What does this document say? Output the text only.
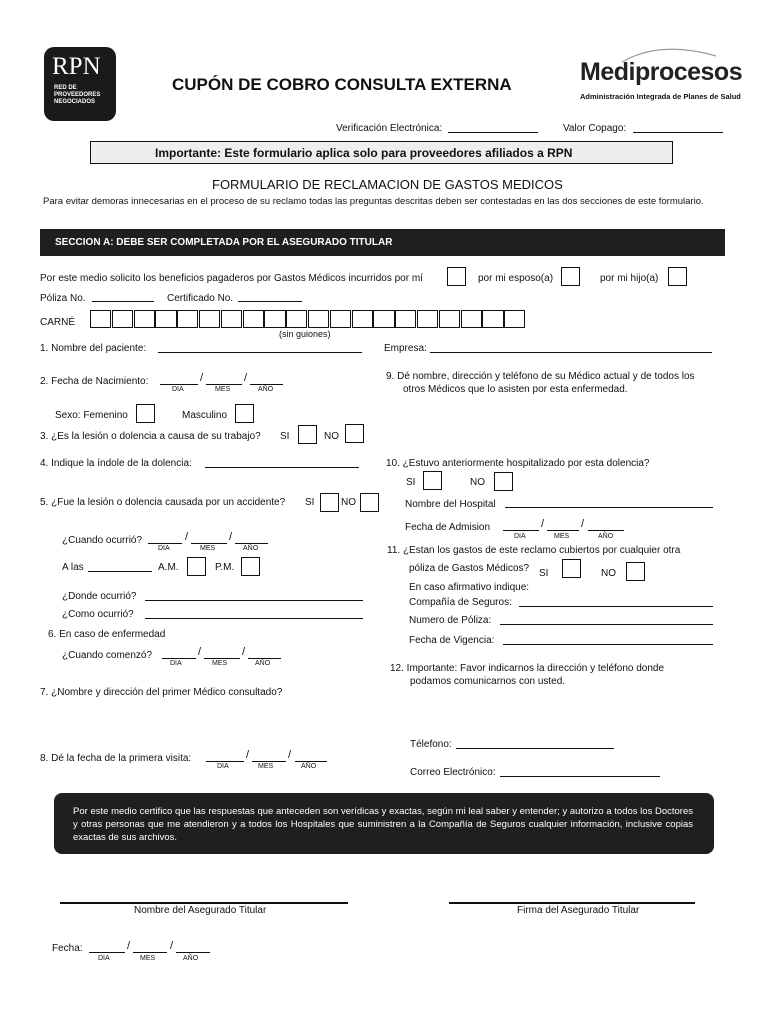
RPN
RED DE PROVEEDORES NEGOCIADOS
CUPÓN DE COBRO CONSULTA EXTERNA	Mediprocesos
Administración Integrada de Planes de Salud
Verificación Electrónica:	Valor Copago:
Importante: Este formulario aplica solo para proveedores afiliados a RPN
FORMULARIO DE RECLAMACION DE GASTOS MEDICOS
Para evitar demoras innecesarias en el proceso de su reclamo todas las preguntas descritas deben ser contestadas en las dos secciones de este formulario.
SECCION A: DEBE SER COMPLETADA POR EL ASEGURADO TITULAR
Por este medio solicito los beneficios pagaderos por Gastos Médicos incurridos por mí	por mi esposo(a)	por mi hijo(a)
Póliza No.	Certificado No.
CARNÉ
(sin guiones)
1. Nombre del paciente:
2. Fecha de Nacimiento:	/	/
DIA	MES	AÑO
Sexo: Femenino	Masculino
3. ¿Es la lesión o dolencia a causa de su trabajo? SI	NO
4. Indique la índole de la dolencia:
5. ¿Fue la lesión o dolencia causada por un accidente? SI	NO
¿Cuando ocurrió?	/	/
DIA	MES	AÑO
A las	A.M.	P.M.
¿Donde ocurrió?
¿Como ocurrió?
6. En caso de enfermedad
¿Cuando comenzó?	/	/
DIA	MES	AÑO
7. ¿Nombre y dirección del primer Médico consultado?
8. Dé la fecha de la primera visita:	/	/
DIA	MES	AÑO
Empresa:
9. Dé nombre, dirección y teléfono de su Médico actual y de todos los
otros Médicos que lo asisten por esta enfermedad.
10. ¿Estuvo anteriormente hospitalizado por esta dolencia?
SI	NO
Nombre del Hospital
Fecha de Admision	/	/
DIA	MES	AÑO
11. ¿Estan los gastos de este reclamo cubiertos por cualquier otra
póliza de Gastos Médicos? SI	NO
En caso afirmativo indique:
Compañía de Seguros:
Numero de Póliza:
Fecha de Vigencia:
12. Importante: Favor indicarnos la dirección y teléfono donde
podamos comunicarnos con usted.
Télefono:
Correo Electrónico:
Por este medio certifico que las respuestas que anteceden son verídicas y exactas, según mi leal saber y entender; y autorizo a todos los Doctores y otras personas que me atendieron y a todos los Hospitales que suministren a la Compañía de Seguros cualquier información, inclusive copias exactas de sus archivos.
Nombre del Asegurado Titular	Firma del Asegurado Titular
Fecha:	/	/
DIA	MES	AÑO
